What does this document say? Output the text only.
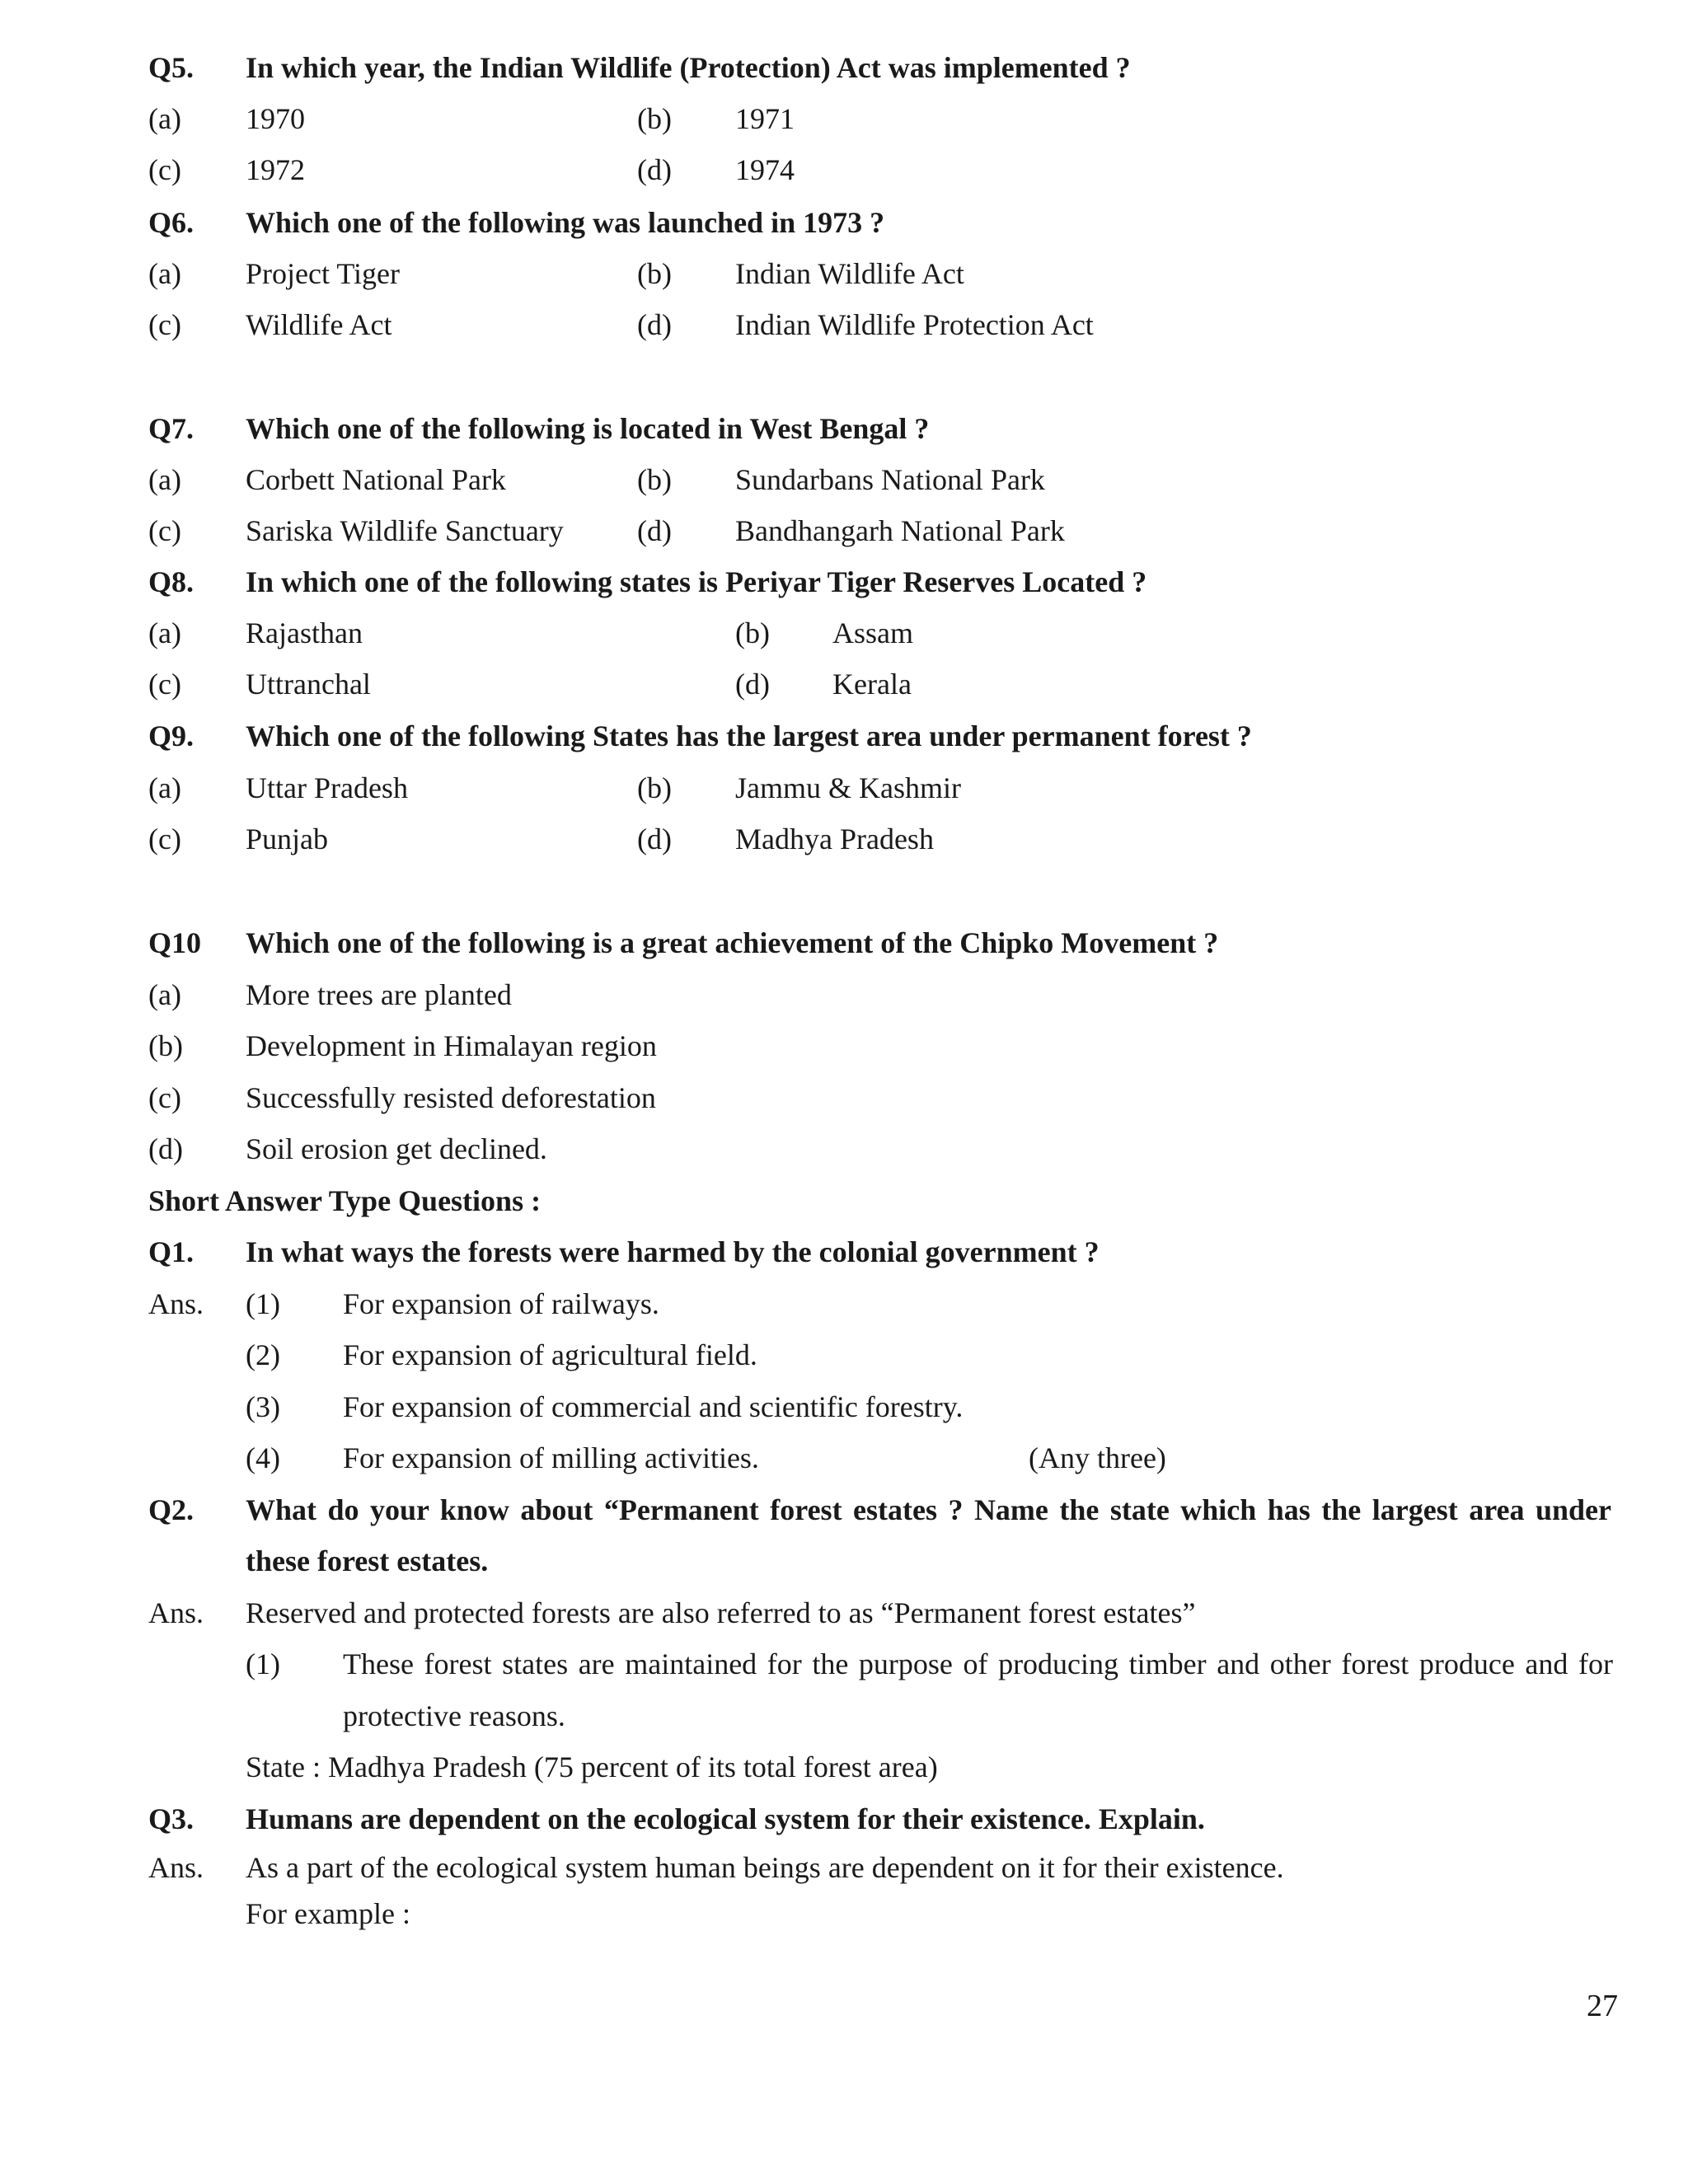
Q5. In which year, the Indian Wildlife (Protection) Act was implemented ?
(a) 1970	(b) 1971
(c) 1972	(d) 1974
Q6. Which one of the following was launched in 1973 ?
(a) Project Tiger	(b) Indian Wildlife Act
(c) Wildlife Act	(d) Indian Wildlife Protection Act
Q7. Which one of the following is located in West Bengal ?
(a) Corbett National Park	(b) Sundarbans National Park
(c) Sariska Wildlife Sanctuary (d) Bandhangarh National Park
Q8. In which one of the following states is Periyar Tiger Reserves Located ?
(a) Rajasthan	(b) Assam
(c) Uttranchal	(d) Kerala
Q9. Which one of the following States has the largest area under permanent forest ?
(a) Uttar Pradesh	(b) Jammu & Kashmir
(c) Punjab	(d) Madhya Pradesh
Q10 Which one of the following is a great achievement of the Chipko Movement ?
(a) More trees are planted
(b) Development in Himalayan region
(c) Successfully resisted deforestation
(d) Soil erosion get declined.
Short Answer Type Questions :
Q1. In what ways the forests were harmed by the colonial government ?
Ans. (1) For expansion of railways.
(2) For expansion of agricultural field.
(3) For expansion of commercial and scientific forestry.
(4) For expansion of milling activities.	(Any three)
Q2. What do your know about “Permanent forest estates ? Name the state which has the largest area under
these forest estates.
Ans. Reserved and protected forests are also referred to as “Permanent forest estates”
(1) These forest states are maintained for the purpose of producing timber and other forest produce and for
protective reasons.
State : Madhya Pradesh (75 percent of its total forest area)
Q3. Humans are dependent on the ecological system for their existence. Explain.
Ans. As a part of the ecological system human beings are dependent on it for their existence.
For example :
27
